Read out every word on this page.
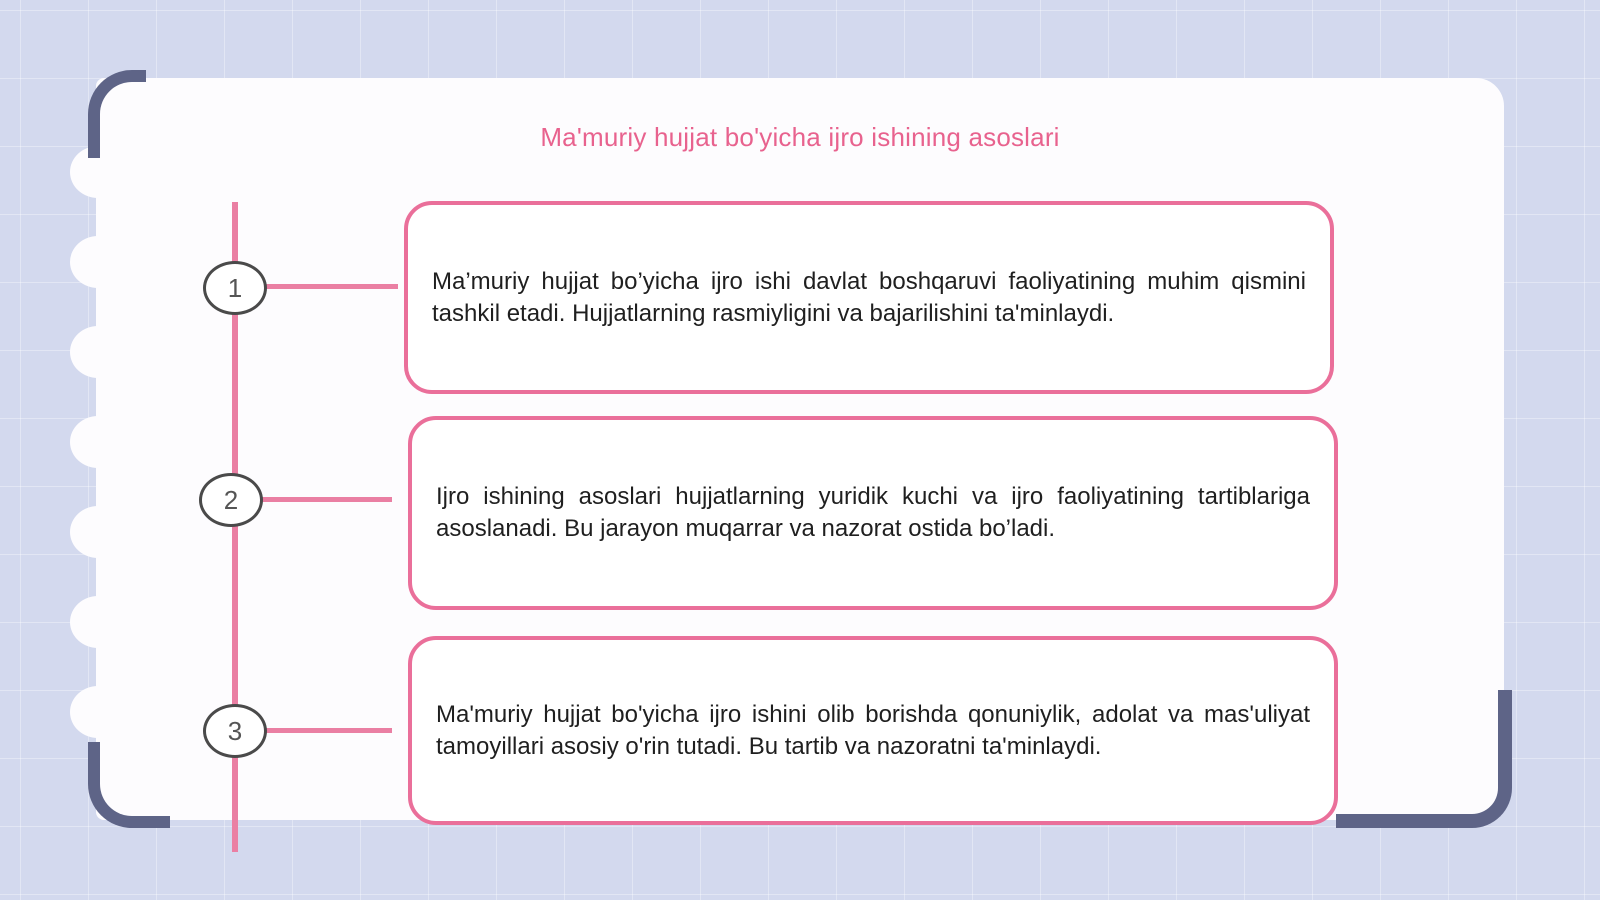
Ma'muriy hujjat bo'yicha ijro ishining asoslari
1	Ma’muriy hujjat bo’yicha ijro ishi davlat boshqaruvi faoliyatining muhim qismini tashkil etadi. Hujjatlarning rasmiyligini va bajarilishini ta'minlaydi.
2	Ijro ishining asoslari hujjatlarning yuridik kuchi va ijro faoliyatining tartiblariga asoslanadi. Bu jarayon muqarrar va nazorat ostida bo’ladi.
3
Ma'muriy hujjat bo'yicha ijro ishini olib borishda qonuniylik, adolat va mas'uliyat tamoyillari asosiy o'rin tutadi. Bu tartib va nazoratni ta'minlaydi.
